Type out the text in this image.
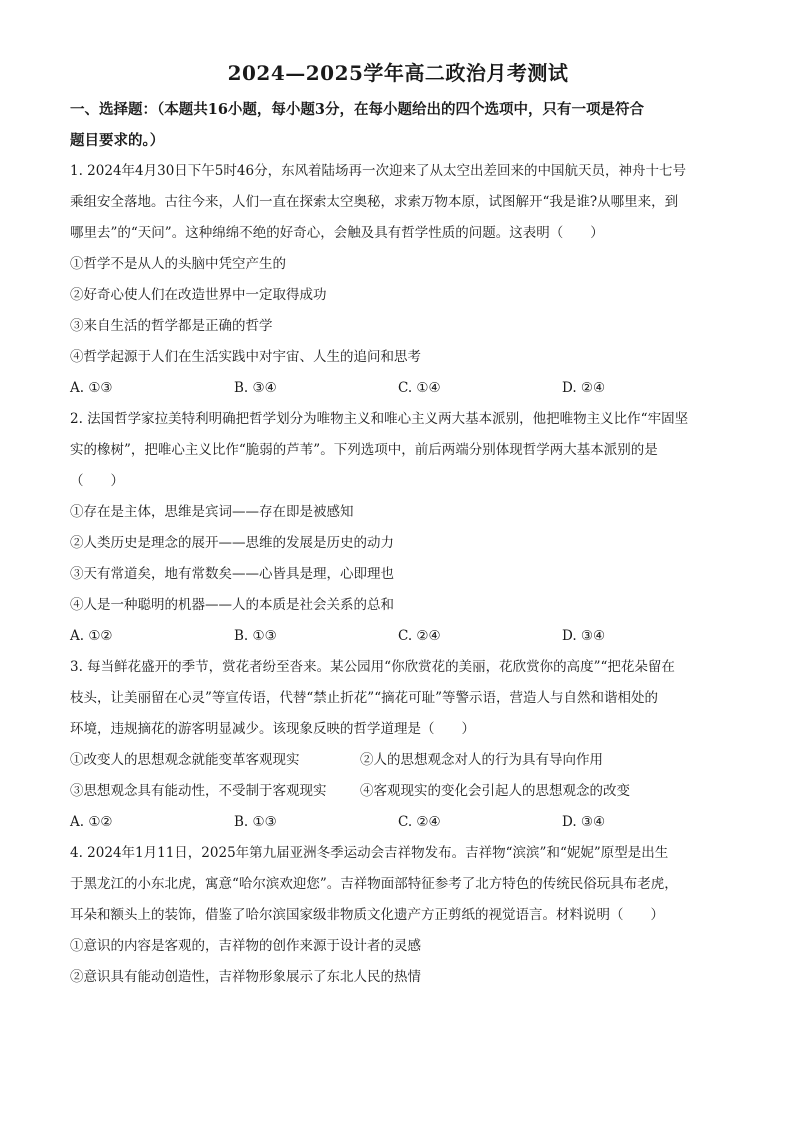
2024—2025学年高二政治月考测试
一、选择题：（本题共16小题，每小题3分，在每小题给出的四个选项中，只有一项是符合
题目要求的。）
1. 2024年4月30日下午5时46分，东风着陆场再一次迎来了从太空出差回来的中国航天员，神舟十七号
乘组安全落地。古往今来，人们一直在探索太空奥秘，求索万物本原，试图解开“我是谁?从哪里来，到
哪里去”的“天问”。这种绵绵不绝的好奇心，会触及具有哲学性质的问题。这表明（　　）
①哲学不是从人的头脑中凭空产生的
②好奇心使人们在改造世界中一定取得成功
③来自生活的哲学都是正确的哲学
④哲学起源于人们在生活实践中对宇宙、人生的追问和思考
A. ①③	B. ③④	C. ①④	D. ②④
2. 法国哲学家拉美特利明确把哲学划分为唯物主义和唯心主义两大基本派别，他把唯物主义比作“牢固坚
实的橡树”，把唯心主义比作“脆弱的芦苇”。下列选项中，前后两端分别体现哲学两大基本派别的是
（　　）
①存在是主体，思维是宾词——存在即是被感知
②人类历史是理念的展开——思维的发展是历史的动力
③天有常道矣，地有常数矣——心皆具是理，心即理也
④人是一种聪明的机器——人的本质是社会关系的总和
A. ①②	B. ①③	C. ②④	D. ③④
3. 每当鲜花盛开的季节，赏花者纷至沓来。某公园用“你欣赏花的美丽，花欣赏你的高度”“把花朵留在
枝头，让美丽留在心灵”等宣传语，代替“禁止折花”“摘花可耻”等警示语，营造人与自然和谐相处的
环境，违规摘花的游客明显减少。该现象反映的哲学道理是（　　）
①改变人的思想观念就能变革客观现实	②人的思想观念对人的行为具有导向作用
③思想观念具有能动性，不受制于客观现实 ④客观现实的变化会引起人的思想观念的改变
A. ①②	B. ①③	C. ②④	D. ③④
4. 2024年1月11日，2025年第九届亚洲冬季运动会吉祥物发布。吉祥物“滨滨”和“妮妮”原型是出生
于黑龙江的小东北虎，寓意“哈尔滨欢迎您”。吉祥物面部特征参考了北方特色的传统民俗玩具布老虎，
耳朵和额头上的装饰，借鉴了哈尔滨国家级非物质文化遗产方正剪纸的视觉语言。材料说明（　　）
①意识的内容是客观的，吉祥物的创作来源于设计者的灵感
②意识具有能动创造性，吉祥物形象展示了东北人民的热情
